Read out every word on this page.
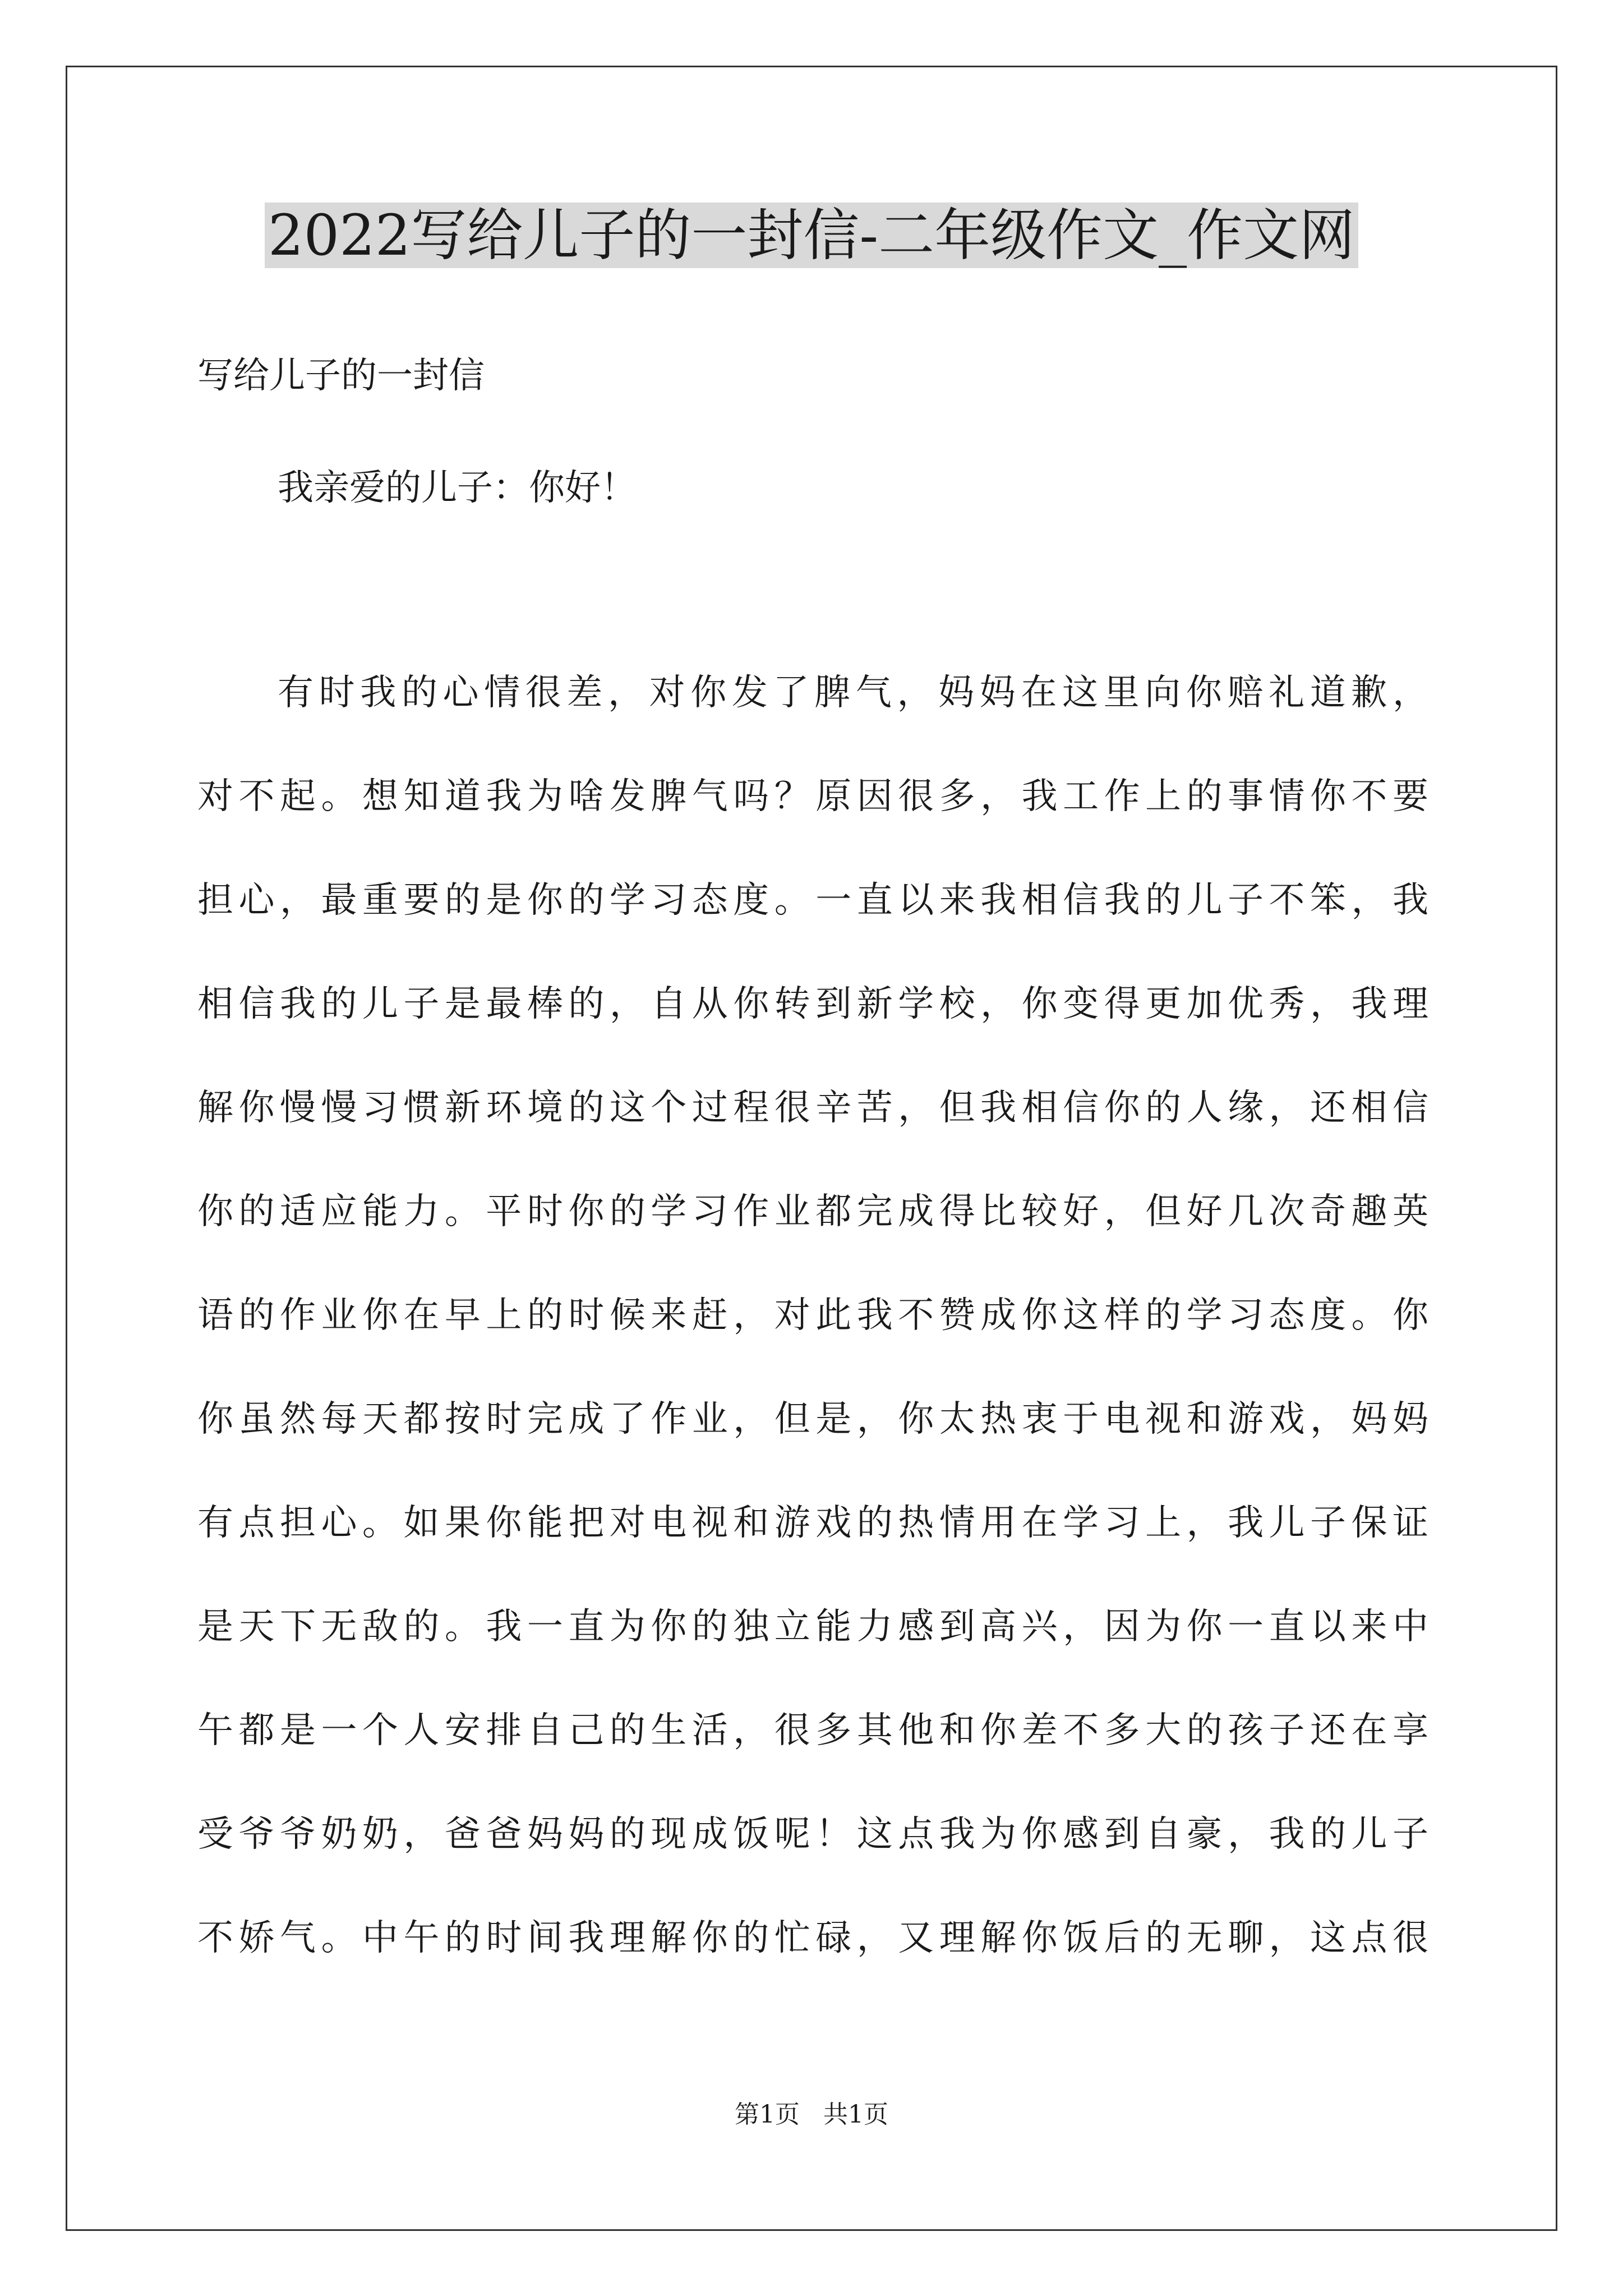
2022写给儿子的一封信-二年级作文_作文网
写给儿子的一封信
我亲爱的儿子：你好！
有时我的心情很差，对你发了脾气，妈妈在这里向你赔礼道歉，
对不起。想知道我为啥发脾气吗？原因很多，我工作上的事情你不要
担心，最重要的是你的学习态度。一直以来我相信我的儿子不笨，我
相信我的儿子是最棒的，自从你转到新学校，你变得更加优秀，我理
解你慢慢习惯新环境的这个过程很辛苦，但我相信你的人缘，还相信
你的适应能力。平时你的学习作业都完成得比较好，但好几次奇趣英
语的作业你在早上的时候来赶，对此我不赞成你这样的学习态度。你
你虽然每天都按时完成了作业，但是，你太热衷于电视和游戏，妈妈
有点担心。如果你能把对电视和游戏的热情用在学习上，我儿子保证
是天下无敌的。我一直为你的独立能力感到高兴，因为你一直以来中
午都是一个人安排自己的生活，很多其他和你差不多大的孩子还在享
受爷爷奶奶，爸爸妈妈的现成饭呢！这点我为你感到自豪，我的儿子
不娇气。中午的时间我理解你的忙碌，又理解你饭后的无聊，这点很
第1页   共1页
